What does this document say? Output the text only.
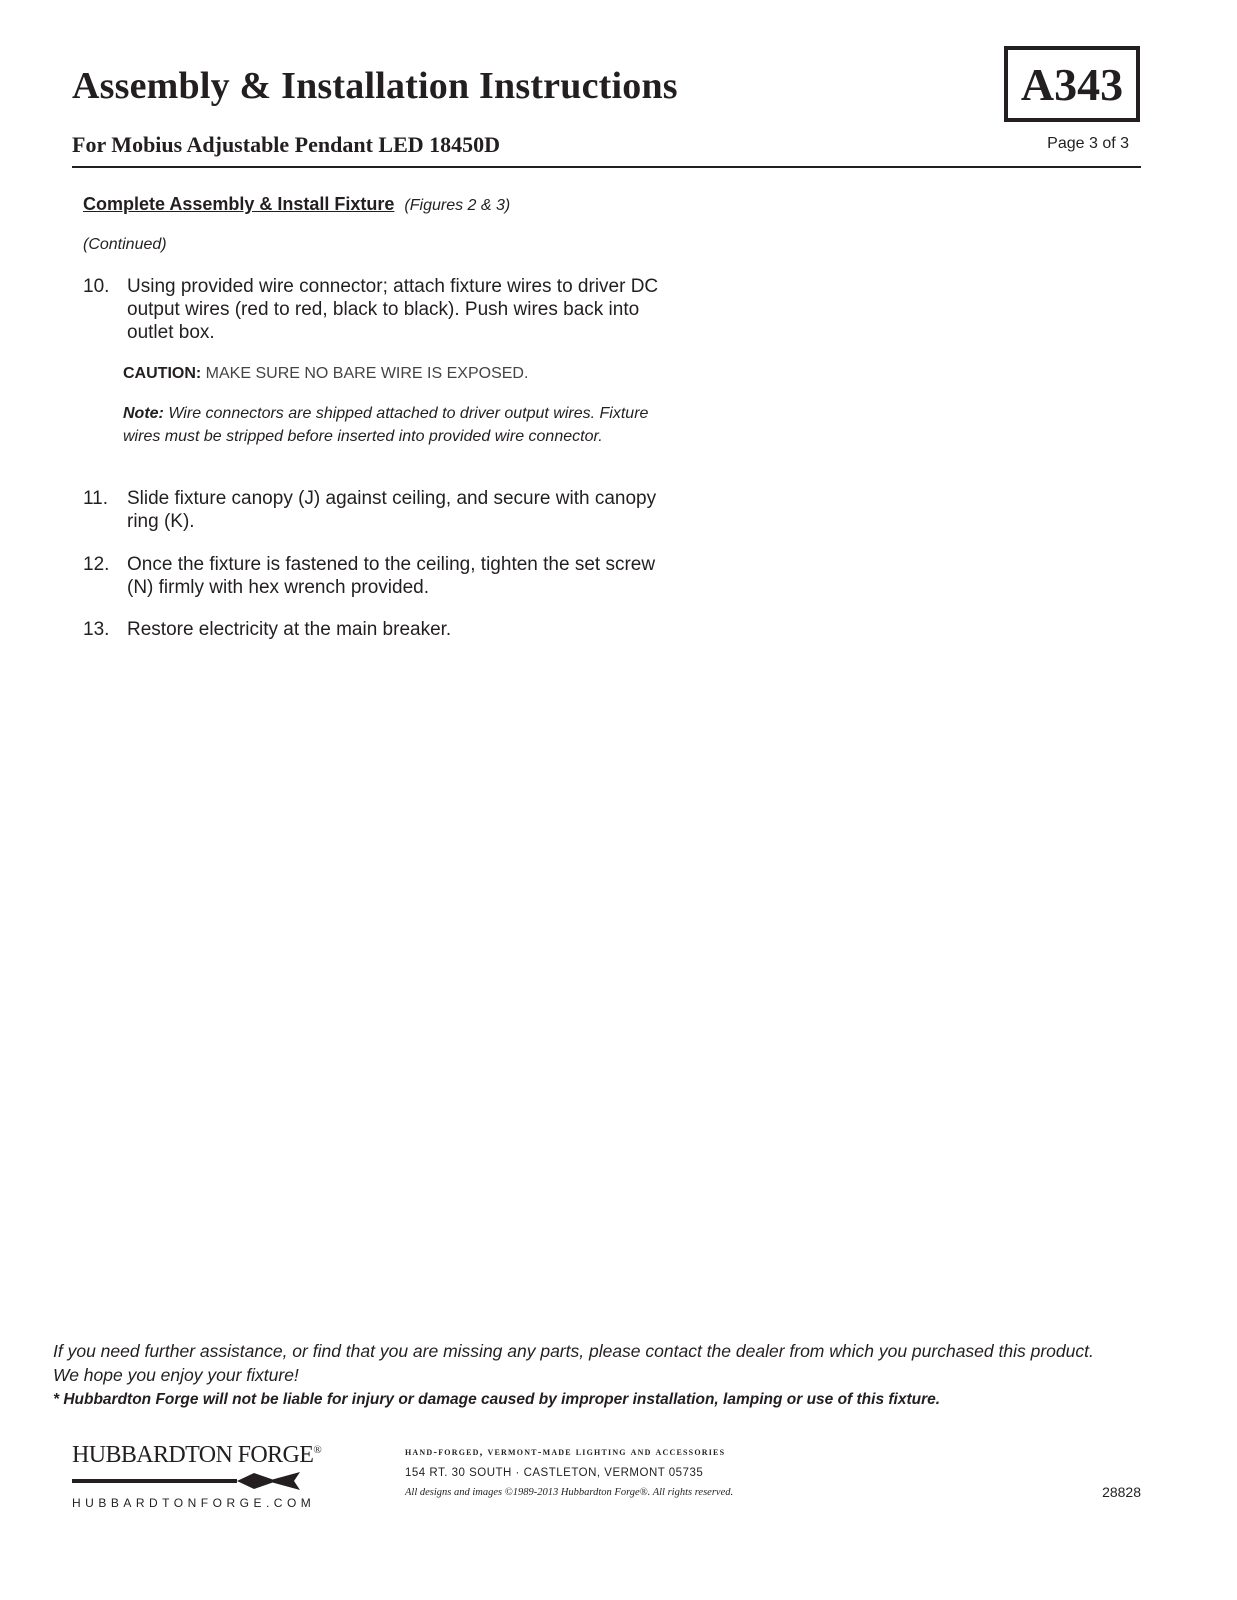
Assembly & Installation Instructions
For Mobius Adjustable Pendant LED 18450D
A343
Page 3 of 3
Complete Assembly & Install Fixture (Figures 2 & 3)
(Continued)
10. Using provided wire connector; attach fixture wires to driver DC output wires (red to red, black to black). Push wires back into outlet box.
CAUTION: MAKE SURE NO BARE WIRE IS EXPOSED.
Note: Wire connectors are shipped attached to driver output wires. Fixture wires must be stripped before inserted into provided wire connector.
11. Slide fixture canopy (J) against ceiling, and secure with canopy ring (K).
12. Once the fixture is fastened to the ceiling, tighten the set screw (N) firmly with hex wrench provided.
13. Restore electricity at the main breaker.
If you need further assistance, or find that you are missing any parts, please contact the dealer from which you purchased this product.
We hope you enjoy your fixture!
* Hubbardton Forge will not be liable for injury or damage caused by improper installation, lamping or use of this fixture.
HUBBARDTON FORGE®
HUBBARDTONFORGE.COM
hand-forged, vermont-made lighting and accessories
154 RT. 30 SOUTH · CASTLETON, VERMONT 05735
All designs and images ©1989-2013 Hubbardton Forge®. All rights reserved.	28828
